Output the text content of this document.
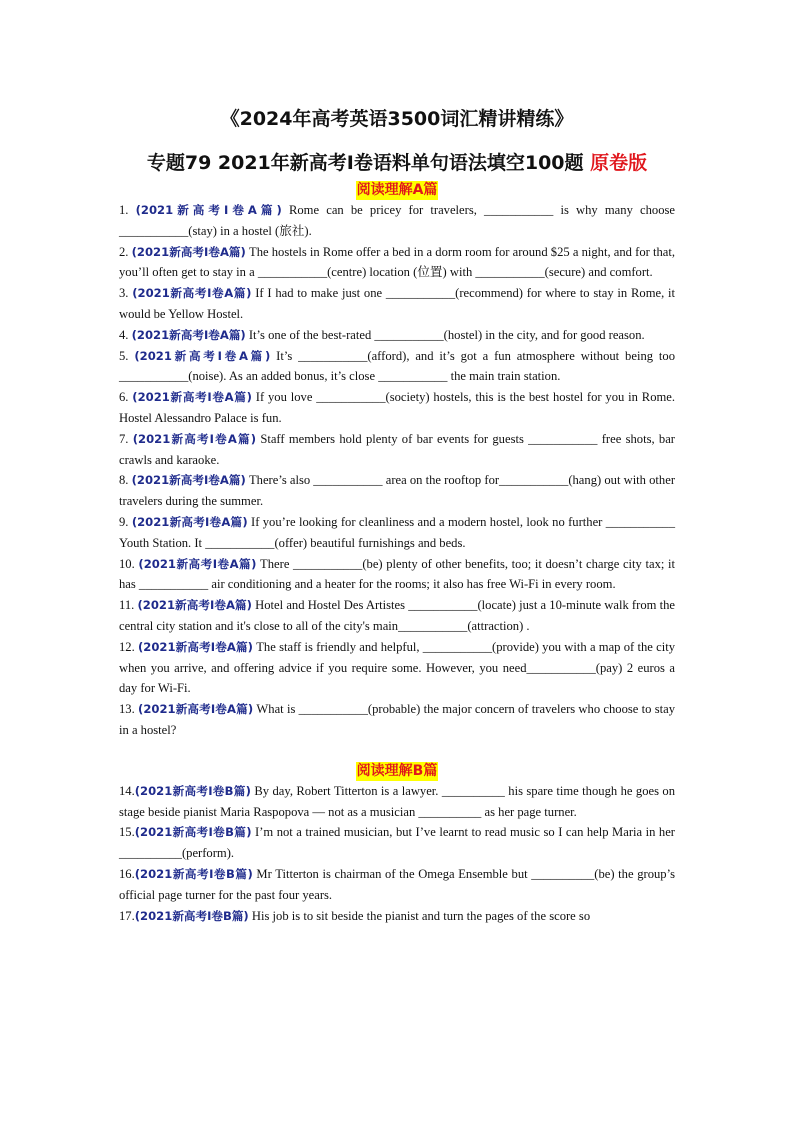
《2024年高考英语3500词汇精讲精练》
专题79 2021年新高考I卷语料单句语法填空100题 原卷版
阅读理解A篇
1. (2021新高考I卷A篇) Rome can be pricey for travelers, ___________ is why many choose ___________(stay) in a hostel (旅社).
2. (2021新高考I卷A篇) The hostels in Rome offer a bed in a dorm room for around $25 a night, and for that, you’ll often get to stay in a ___________(centre) location (位置) with ___________(secure) and comfort.
3. (2021新高考I卷A篇) If I had to make just one ___________(recommend) for where to stay in Rome, it would be Yellow Hostel.
4. (2021新高考I卷A篇) It’s one of the best-rated ___________(hostel) in the city, and for good reason.
5. (2021新高考I卷A篇) It’s ___________(afford), and it’s got a fun atmosphere without being too ___________(noise). As an added bonus, it’s close ___________ the main train station.
6. (2021新高考I卷A篇) If you love ___________(society) hostels, this is the best hostel for you in Rome. Hostel Alessandro Palace is fun.
7. (2021新高考I卷A篇) Staff members hold plenty of bar events for guests ___________ free shots, bar crawls and karaoke.
8. (2021新高考I卷A篇) There’s also ___________ area on the rooftop for___________(hang) out with other travelers during the summer.
9. (2021新高考I卷A篇) If you’re looking for cleanliness and a modern hostel, look no further ___________ Youth Station. It ___________(offer) beautiful furnishings and beds.
10. (2021新高考I卷A篇) There ___________(be) plenty of other benefits, too; it doesn’t charge city tax; it has ___________ air conditioning and a heater for the rooms; it also has free Wi-Fi in every room.
11. (2021新高考I卷A篇) Hotel and Hostel Des Artistes ___________(locate) just a 10-minute walk from the central city station and it's close to all of the city's main___________(attraction) .
12. (2021新高考I卷A篇) The staff is friendly and helpful, ___________(provide) you with a map of the city when you arrive, and offering advice if you require some. However, you need___________(pay) 2 euros a day for Wi-Fi.
13. (2021新高考I卷A篇) What is ___________(probable) the major concern of travelers who choose to stay in a hostel?
阅读理解B篇
14.(2021新高考I卷B篇) By day, Robert Titterton is a lawyer. __________ his spare time though he goes on stage beside pianist Maria Raspopova — not as a musician __________ as her page turner.
15.(2021新高考I卷B篇) I’m not a trained musician, but I’ve learnt to read music so I can help Maria in her __________(perform).
16.(2021新高考I卷B篇) Mr Titterton is chairman of the Omega Ensemble but __________(be) the group’s official page turner for the past four years.
17.(2021新高考I卷B篇) His job is to sit beside the pianist and turn the pages of the score so
